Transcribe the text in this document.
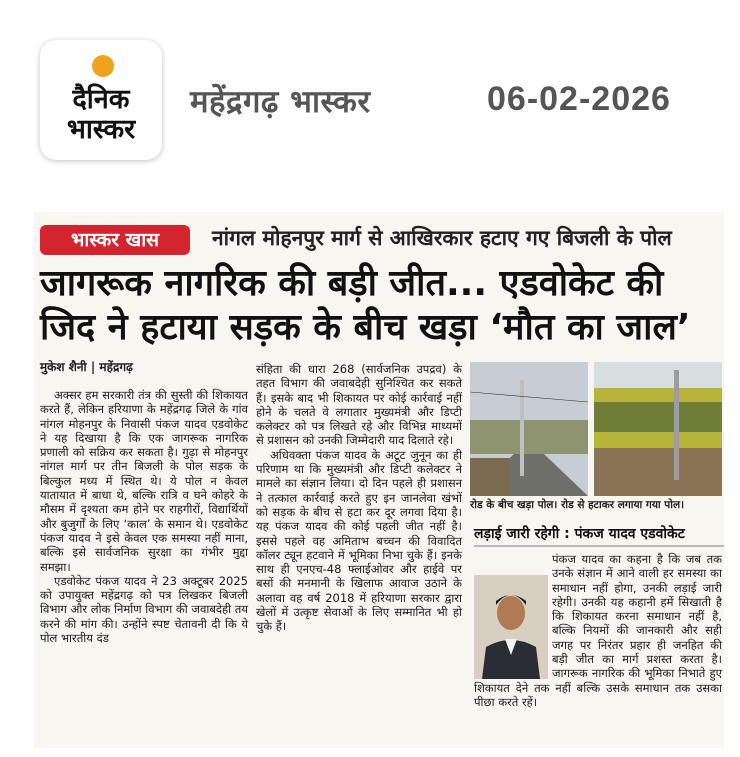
दैनिक
भास्कर
महेंद्रगढ़ भास्कर	06-02-2026
भास्कर खास	नांगल मोहनपुर मार्ग से आखिरकार हटाए गए बिजली के पोल
जागरूक नागरिक की बड़ी जीत... एडवोकेट की जिद ने हटाया सड़क के बीच खड़ा ‘मौत का जाल’
मुकेश शैनी | महेंद्रगढ़

अक्सर हम सरकारी तंत्र की सुस्ती की शिकायत करते हैं, लेकिन हरियाणा के महेंद्रगढ़ जिले के गांव नांगल मोहनपुर के निवासी पंकज यादव एडवोकेट ने यह दिखाया है कि एक जागरूक नागरिक प्रणाली को सक्रिय कर सकता है। गुढ़ा से मोहनपुर नांगल मार्ग पर तीन बिजली के पोल सड़क के बिल्कुल मध्य में स्थित थे। ये पोल न केवल यातायात में बाधा थे, बल्कि रात्रि व घने कोहरे के मौसम में दृश्यता कम होने पर राहगीरों, विद्यार्थियों और बुजुर्गों के लिए ‘काल’ के समान थे। एडवोकेट पंकज यादव ने इसे केवल एक समस्या नहीं माना, बल्कि इसे सार्वजनिक सुरक्षा का गंभीर मुद्दा समझा।

एडवोकेट पंकज यादव ने 23 अक्टूबर 2025 को उपायुक्त महेंद्रगढ़ को पत्र लिखकर बिजली विभाग और लोक निर्माण विभाग की जवाबदेही तय करने की मांग की। उन्होंने स्पष्ट चेतावनी दी कि ये पोल भारतीय दंड

संहिता की धारा 268 (सार्वजनिक उपद्रव) के तहत विभाग की जवाबदेही सुनिश्चित कर सकते हैं। इसके बाद भी शिकायत पर कोई कार्रवाई नहीं होने के चलते वे लगातार मुख्यमंत्री और डिप्टी कलेक्टर को पत्र लिखते रहे और विभिन्न माध्यमों से प्रशासन को उनकी जिम्मेदारी याद दिलाते रहे।

अधिवक्ता पंकज यादव के अटूट जुनून का ही परिणाम था कि मुख्यमंत्री और डिप्टी कलेक्टर ने मामले का संज्ञान लिया। दो दिन पहले ही प्रशासन ने तत्काल कार्रवाई करते हुए इन जानलेवा खंभों को सड़क के बीच से हटा कर दूर लगवा दिया है। यह पंकज यादव की कोई पहली जीत नहीं है। इससे पहले वह अमिताभ बच्चन की विवादित कॉलर ट्यून हटवाने में भूमिका निभा चुके हैं। इनके साथ ही एनएच-48 फ्लाईओवर और हाईवे पर बसों की मनमानी के खिलाफ आवाज उठाने के अलावा वह वर्ष 2018 में हरियाणा सरकार द्वारा खेलों में उत्कृष्ट सेवाओं के लिए सम्मानित भी हो चुके हैं।

रोड के बीच खड़ा पोल। रोड से हटाकर लगाया गया पोल।
लड़ाई जारी रहेगी : पंकज यादव एडवोकेट

पंकज यादव का कहना है कि जब तक उनके संज्ञान में आने वाली हर समस्या का समाधान नहीं होगा, उनकी लड़ाई जारी रहेगी। उनकी यह कहानी हमें सिखाती है कि शिकायत करना समाधान नहीं है, बल्कि नियमों की जानकारी और सही जगह पर निरंतर प्रहार ही जनहित की बड़ी जीत का मार्ग प्रशस्त करता है। जागरूक नागरिक की भूमिका निभाते हुए शिकायत देने तक नहीं बल्कि उसके समाधान तक उसका पीछा करते रहें।
